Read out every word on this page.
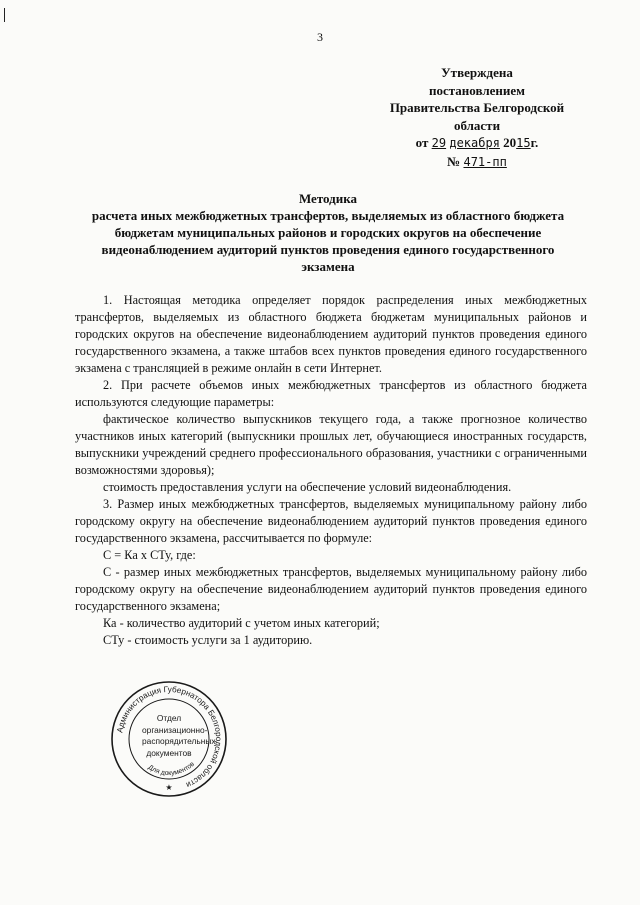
3
Утверждена
постановлением
Правительства Белгородской
области
от 29 декабря 2015г.
№ 471-пп
Методика
расчета иных межбюджетных трансфертов, выделяемых из областного бюджета
бюджетам муниципальных районов и городских округов на обеспечение
видеонаблюдением аудиторий пунктов проведения единого государственного
экзамена

1. Настоящая методика определяет порядок распределения иных межбюджетных трансфертов, выделяемых из областного бюджета бюджетам муниципальных районов и городских округов на обеспечение видеонаблюдением аудиторий пунктов проведения единого государственного экзамена, а также штабов всех пунктов проведения единого государственного экзамена с трансляцией в режиме онлайн в сети Интернет.

2. При расчете объемов иных межбюджетных трансфертов из областного бюджета используются следующие параметры:

фактическое количество выпускников текущего года, а также прогнозное количество участников иных категорий (выпускники прошлых лет, обучающиеся иностранных государств, выпускники учреждений среднего профессионального образования, участники с ограниченными возможностями здоровья);

стоимость предоставления услуги на обеспечение условий видеонаблюдения.

3. Размер иных межбюджетных трансфертов, выделяемых муниципальному району либо городскому округу на обеспечение видеонаблюдением аудиторий пунктов проведения единого государственного экзамена, рассчитывается по формуле:

С = Ка х СТу, где:

С - размер иных межбюджетных трансфертов, выделяемых муниципальному району либо городскому округу на обеспечение видеонаблюдением аудиторий пунктов проведения единого государственного экзамена;

Ка - количество аудиторий с учетом иных категорий;

СТу - стоимость услуги за 1 аудиторию.

Администрация Губернатора Белгородской области
Для документов
★
Отдел
организационно-
распорядительных
документов
